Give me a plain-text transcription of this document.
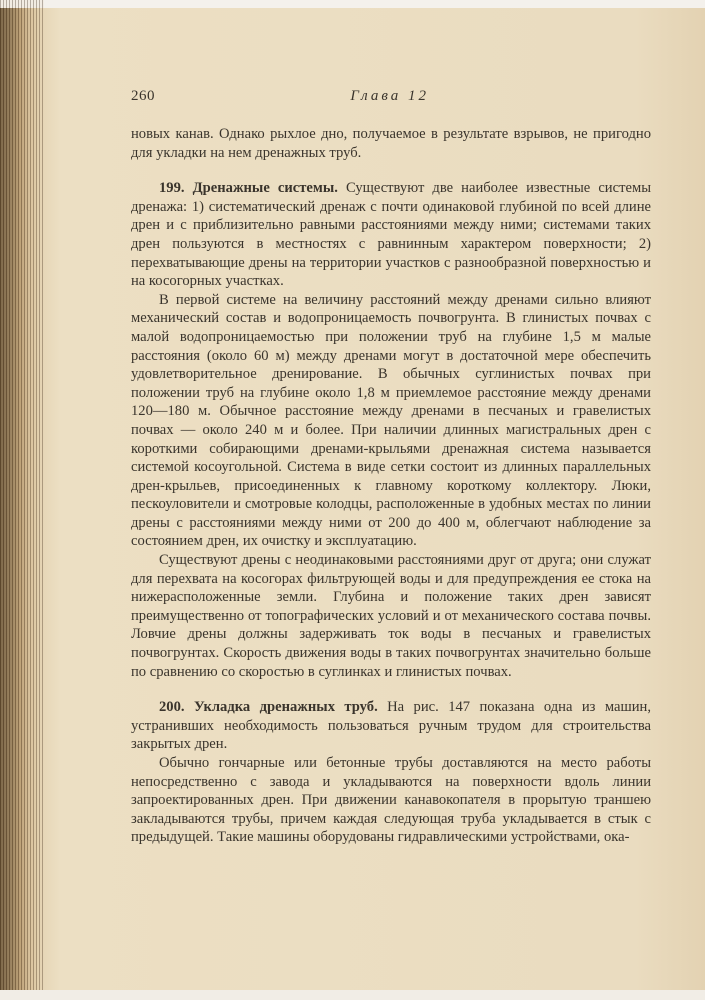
260	Глава 12

новых канав. Однако рыхлое дно, получаемое в результате взрывов, не пригодно для укладки на нем дренажных труб.

199. Дренажные системы. Существуют две наиболее известные системы дренажа: 1) систематический дренаж с почти одинаковой глубиной по всей длине дрен и с приблизительно равными расстояниями между ними; системами таких дрен пользуются в местностях с равнинным характером поверхности; 2) перехватывающие дрены на территории участков с разнообразной поверхностью и на косогорных участках.

В первой системе на величину расстояний между дренами сильно влияют механический состав и водопроницаемость почвогрунта. В глинистых почвах с малой водопроницаемостью при положении труб на глубине 1,5 м малые расстояния (около 60 м) между дренами могут в достаточной мере обеспечить удовлетворительное дренирование. В обычных суглинистых почвах при положении труб на глубине около 1,8 м приемлемое расстояние между дренами 120—180 м. Обычное расстояние между дренами в песчаных и гравелистых почвах — около 240 м и более. При наличии длинных магистральных дрен с короткими собирающими дренами-крыльями дренажная система называется системой косоугольной. Система в виде сетки состоит из длинных параллельных дрен-крыльев, присоединенных к главному короткому коллектору. Люки, пескоуловители и смотровые колодцы, расположенные в удобных местах по линии дрены с расстояниями между ними от 200 до 400 м, облегчают наблюдение за состоянием дрен, их очистку и эксплуатацию.

Существуют дрены с неодинаковыми расстояниями друг от друга; они служат для перехвата на косогорах фильтрующей воды и для предупреждения ее стока на нижерасположенные земли. Глубина и положение таких дрен зависят преимущественно от топографических условий и от механического состава почвы. Ловчие дрены должны задерживать ток воды в песчаных и гравелистых почвогрунтах. Скорость движения воды в таких почвогрунтах значительно больше по сравнению со скоростью в суглинках и глинистых почвах.

200. Укладка дренажных труб. На рис. 147 показана одна из машин, устранивших необходимость пользоваться ручным трудом для строительства закрытых дрен.

Обычно гончарные или бетонные трубы доставляются на место работы непосредственно с завода и укладываются на поверхности вдоль линии запроектированных дрен. При движении канавокопателя в прорытую траншею закладываются трубы, причем каждая следующая труба укладывается в стык с предыдущей. Такие машины оборудованы гидравлическими устройствами, ока-
